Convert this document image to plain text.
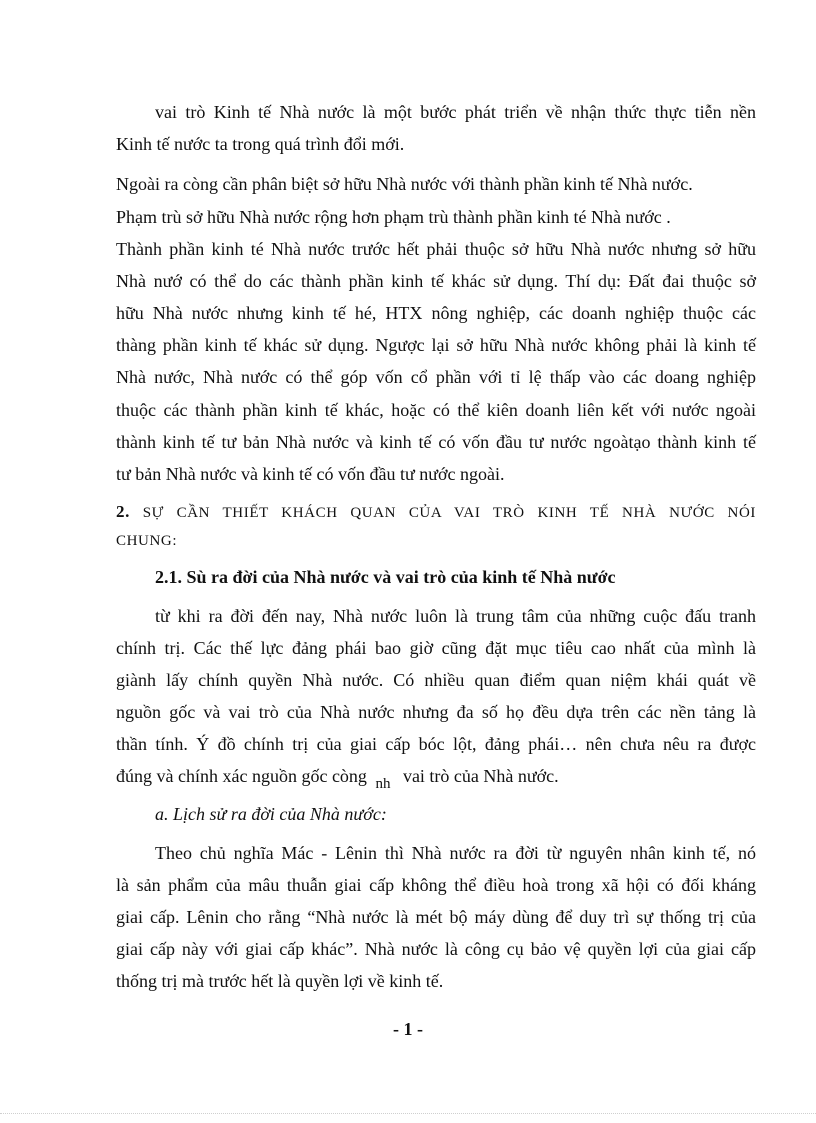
vai trò Kinh tế Nhà nước là một bước phát triển về nhận thức thực tiễn nền
Kinh tế nước ta trong quá trình đổi mới.
Ngoài ra còng cần phân biệt sở hữu Nhà nước với thành phần kinh tế Nhà nước.
Phạm trù sở hữu Nhà nước rộng hơn phạm trù thành phần kinh té Nhà nước .
Thành phần kinh té Nhà nước trước hết phải thuộc sở hữu Nhà nước nhưng sở hữu
Nhà nướ có thể do các thành phần kinh tế khác sử dụng. Thí dụ: Đất đai thuộc sở
hữu Nhà nước nhưng kinh tế hé, HTX nông nghiệp, các doanh nghiệp thuộc các
thàng phần kinh tế khác sử dụng. Ngược lại sở hữu Nhà nước không phải là kinh tế
Nhà nước, Nhà nước có thể góp vốn cổ phần với tỉ lệ thấp vào các doang nghiệp
thuộc các thành phần kinh tế khác, hoặc có thể kiên doanh liên kết với nước ngoài
thành kinh tế tư bản Nhà nước và kinh tế có vốn đầu tư nước ngoàtạo thành kinh tế
tư bản Nhà nước và kinh tế có vốn đầu tư nước ngoài.
2. SỰ CẦN THIẾT KHÁCH QUAN CỦA VAI TRÒ KINH TẾ NHÀ NƯỚC NÓI
CHUNG:
2.1. Sù ra đời của Nhà nước và vai trò của kinh tế Nhà nước
từ khi ra đời đến nay, Nhà nước luôn là trung tâm của những cuộc đấu tranh
chính trị. Các thế lực đảng phái bao giờ cũng đặt mục tiêu cao nhất của mình là
giành lấy chính quyền Nhà nước. Có nhiều quan điểm quan niệm khái quát về
nguồn gốc và vai trò của Nhà nước nhưng đa số họ đều dựa trên các nền tảng là
thần tính. Ý đồ chính trị của giai cấp bóc lột, đảng phái… nên chưa nêu ra được
đúng và chính xác nguồn gốc còng $_{nh}$ vai trò của Nhà nước.
a. Lịch sử ra đời của Nhà nước:
Theo chủ nghĩa Mác - Lênin thì Nhà nước ra đời từ nguyên nhân kinh tế, nó
là sản phẩm của mâu thuẫn giai cấp không thể điều hoà trong xã hội có đối kháng
giai cấp. Lênin cho rằng “Nhà nước là mét bộ máy dùng để duy trì sự thống trị của
giai cấp này với giai cấp khác”. Nhà nước là công cụ bảo vệ quyền lợi của giai cấp
thống trị mà trước hết là quyền lợi về kinh tế.
- 1 -
